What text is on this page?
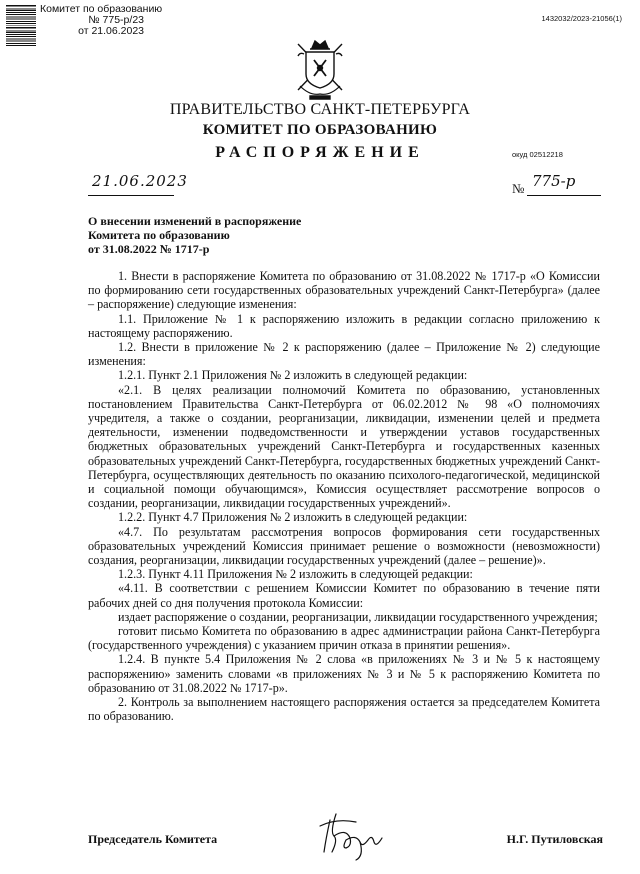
Комитет по образованию
№ 775-р/23
от 21.06.2023
1432032/2023-21056(1)
ПРАВИТЕЛЬСТВО САНКТ-ПЕТЕРБУРГА
КОМИТЕТ ПО ОБРАЗОВАНИЮ
РАСПОРЯЖЕНИЕ	окуд 02512218
21.06.2023	№ 775-р
О внесении изменений в распоряжение
Комитета по образованию
от 31.08.2022 № 1717-р

1. Внести в распоряжение Комитета по образованию от 31.08.2022 № 1717-р «О Комиссии по формированию сети государственных образовательных учреждений Санкт-Петербурга» (далее – распоряжение) следующие изменения:

1.1. Приложение № 1 к распоряжению изложить в редакции согласно приложению к настоящему распоряжению.

1.2. Внести в приложение № 2 к распоряжению (далее – Приложение № 2) следующие изменения:

1.2.1. Пункт 2.1 Приложения № 2 изложить в следующей редакции:

«2.1. В целях реализации полномочий Комитета по образованию, установленных постановлением Правительства Санкт-Петербурга от 06.02.2012 № 98 «О полномочиях учредителя, а также о создании, реорганизации, ликвидации, изменении целей и предмета деятельности, изменении подведомственности и утверждении уставов государственных бюджетных образовательных учреждений Санкт-Петербурга и государственных казенных образовательных учреждений Санкт-Петербурга, государственных бюджетных учреждений Санкт-Петербурга, осуществляющих деятельность по оказанию психолого-педагогической, медицинской и социальной помощи обучающимся», Комиссия осуществляет рассмотрение вопросов о создании, реорганизации, ликвидации государственных учреждений».

1.2.2. Пункт 4.7 Приложения № 2 изложить в следующей редакции:

«4.7. По результатам рассмотрения вопросов формирования сети государственных образовательных учреждений Комиссия принимает решение о возможности (невозможности) создания, реорганизации, ликвидации государственных учреждений (далее – решение)».

1.2.3. Пункт 4.11 Приложения № 2 изложить в следующей редакции:

«4.11. В соответствии с решением Комиссии Комитет по образованию в течение пяти рабочих дней со дня получения протокола Комиссии:

издает распоряжение о создании, реорганизации, ликвидации государственного учреждения;

готовит письмо Комитета по образованию в адрес администрации района Санкт-Петербурга (государственного учреждения) с указанием причин отказа в принятии решения».

1.2.4. В пункте 5.4 Приложения № 2 слова «в приложениях № 3 и № 5 к настоящему распоряжению» заменить словами «в приложениях № 3 и № 5 к распоряжению Комитета по образованию от 31.08.2022 № 1717-р».

2. Контроль за выполнением настоящего распоряжения остается за председателем Комитета по образованию.

Председатель Комитета	Н.Г. Путиловская
